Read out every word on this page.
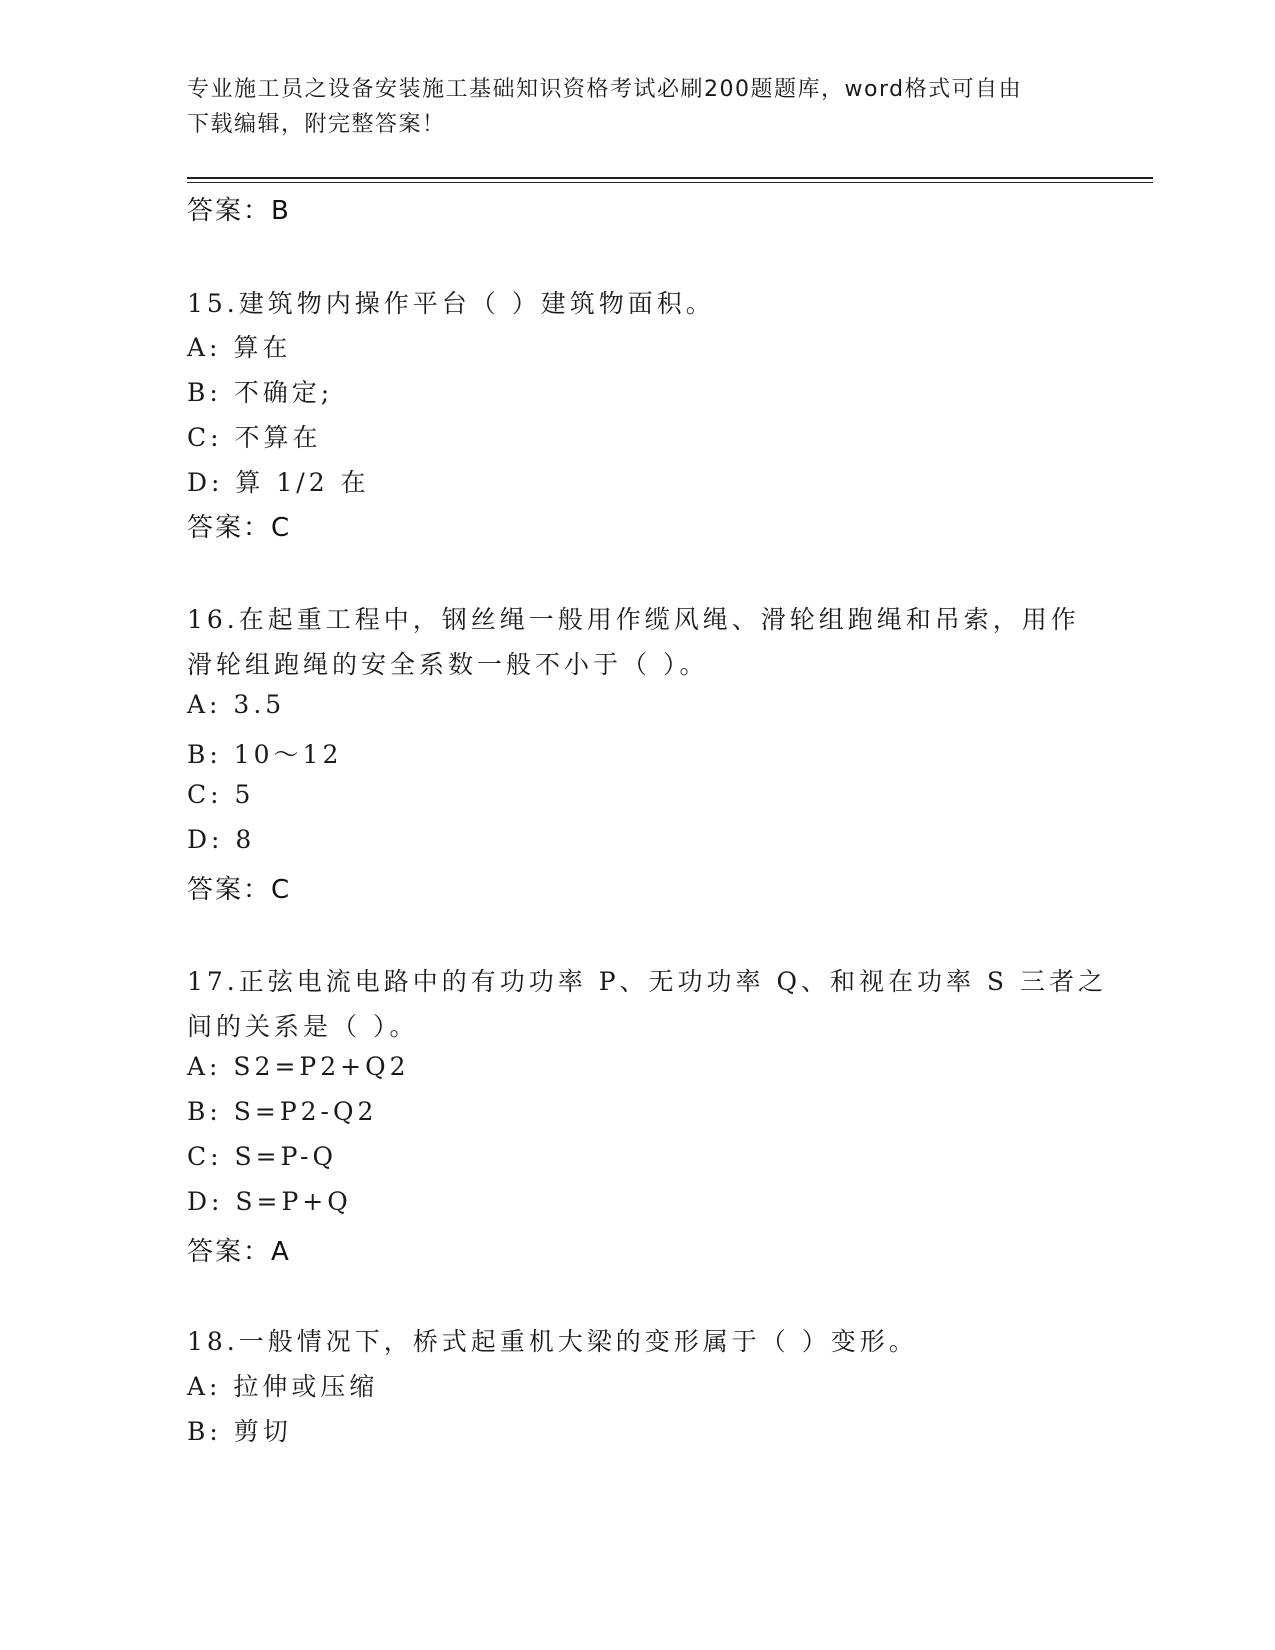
专业施工员之设备安装施工基础知识资格考试必刷200题题库，word格式可自由
下载编辑，附完整答案！
答案：B
15.建筑物内操作平台（ ）建筑物面积。
A: 算在
B: 不确定;
C: 不算在
D: 算 1/2 在
答案：C
16.在起重工程中，钢丝绳一般用作缆风绳、滑轮组跑绳和吊索，用作
滑轮组跑绳的安全系数一般不小于（ ）。
A: 3.5
B: 10～12
C: 5
D: 8
答案：C
17.正弦电流电路中的有功功率 P、无功功率 Q、和视在功率 S 三者之
间的关系是（ ）。
A: S2=P2+Q2
B: S=P2-Q2
C: S=P-Q
D: S=P+Q
答案：A
18.一般情况下，桥式起重机大梁的变形属于（ ）变形。
A: 拉伸或压缩
B: 剪切
